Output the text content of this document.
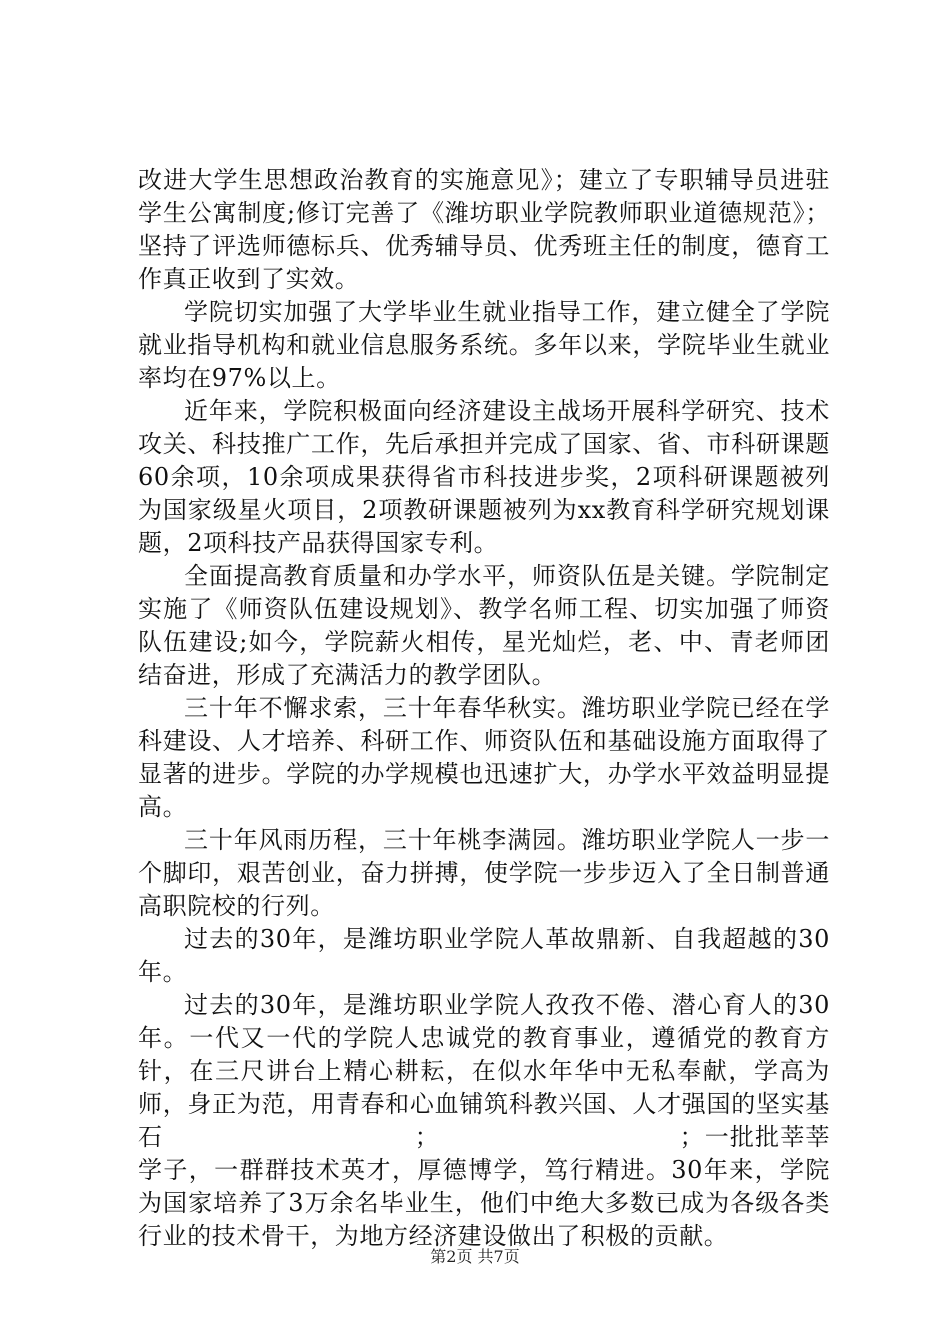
改进大学生思想政治教育的实施意见》；建立了专职辅导员进驻学生公寓制度;修订完善了《潍坊职业学院教师职业道德规范》；坚持了评选师德标兵、优秀辅导员、优秀班主任的制度，德育工作真正收到了实效。

学院切实加强了大学毕业生就业指导工作，建立健全了学院就业指导机构和就业信息服务系统。多年以来，学院毕业生就业率均在97%以上。

近年来，学院积极面向经济建设主战场开展科学研究、技术攻关、科技推广工作，先后承担并完成了国家、省、市科研课题60余项，10余项成果获得省市科技进步奖，2项科研课题被列为国家级星火项目，2项教研课题被列为xx教育科学研究规划课题，2项科技产品获得国家专利。

全面提高教育质量和办学水平，师资队伍是关键。学院制定实施了《师资队伍建设规划》、教学名师工程、切实加强了师资队伍建设;如今，学院薪火相传，星光灿烂，老、中、青老师团结奋进，形成了充满活力的教学团队。

三十年不懈求索，三十年春华秋实。潍坊职业学院已经在学科建设、人才培养、科研工作、师资队伍和基础设施方面取得了显著的进步。学院的办学规模也迅速扩大，办学水平效益明显提高。

三十年风雨历程，三十年桃李满园。潍坊职业学院人一步一个脚印，艰苦创业，奋力拼搏，使学院一步步迈入了全日制普通高职院校的行列。

过去的30年，是潍坊职业学院人革故鼎新、自我超越的30年。

过去的30年，是潍坊职业学院人孜孜不倦、潜心育人的30年。一代又一代的学院人忠诚党的教育事业，遵循党的教育方针，在三尺讲台上精心耕耘，在似水年华中无私奉献，学高为师，身正为范，用青春和心血铺筑科教兴国、人才强国的坚实基石　　　　　　　　　　；　　　　　　　　　　；一批批莘莘学子，一群群技术英才，厚德博学，笃行精进。30年来，学院为国家培养了3万余名毕业生，他们中绝大多数已成为各级各类行业的技术骨干，为地方经济建设做出了积极的贡献。

第2页 共7页
